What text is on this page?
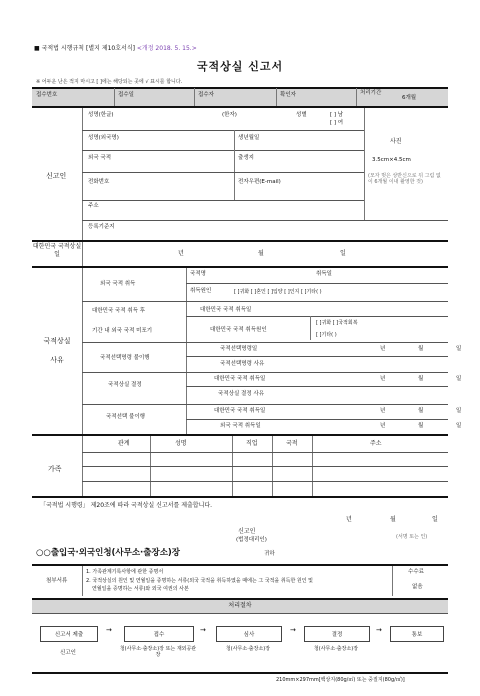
■ 국적법 시행규칙 [별지 제10호서식] <개정 2018. 5. 15.>
국적상실 신고서
※ 어두운 난은 적지 마시고 [ ]에는 해당되는 곳에 √ 표시를 합니다.
접수번호	접수일	접수자	확인자	처리기간
6개월
신고인
성명(한글)	(한자)	성별	[ ] 남
[ ] 여
성명(외국명)	생년월일	사진
외국 국적	출생지	3.5cm×4.5cm
(모자 벗은 상반신으로 뒤 그림 없이 6개월 이내 촬영한 것)
전화번호	전자우편(E-mail)
주소
등록기준지
대한민국 국적상실일	년	월	일
국적상실
사유
외국 국적 취득
국적명	취득일
취득원인	[ ]귀화 [ ]혼인 [ ]입양 [ ]인지 [ ]기타( )
대한민국 국적 취득 후
기간 내 외국 국적 미포기
대한민국 국적 취득일
대한민국 국적 취득원인
[ ]귀화 [ ]국적회복
[ ]기타( )
국적선택명령 불이행
국적선택명령일	년	월	일
국적선택명령 사유
국적상실 결정
대한민국 국적 취득일	년	월	일
국적상실 결정 사유
국적선택 불이행
대한민국 국적 취득일	년	월	일
외국 국적 취득일	년	월	일
가족
관계	성명	직업	국적	주소
「국적법 시행령」 제20조에 따라 국적상실 신고서를 제출합니다.
년	월	일
신고인
(법정대리인)	(서명 또는 인)
○○출입국·외국인청(사무소·출장소)장	귀하
첨부서류
1. 가족관계기록사항에 관한 증명서
2. 국적상실의 원인 및 연월일을 증명하는 서류(외국 국적을 취득하였을 때에는 그 국적을 취득한 원인 및
연월일을 증명하는 서류)와 외국 여권의 사본
수수료
없음
처리절차
신고서 제출
→
접수
→
심사
→
결정
→
통보
신고인
청(사무소·출장소)장 또는 재외공관장
청(사무소·출장소)장	청(사무소·출장소)장
210mm×297mm[백상지(80g/㎡) 또는 중질지(80g/㎡)]
